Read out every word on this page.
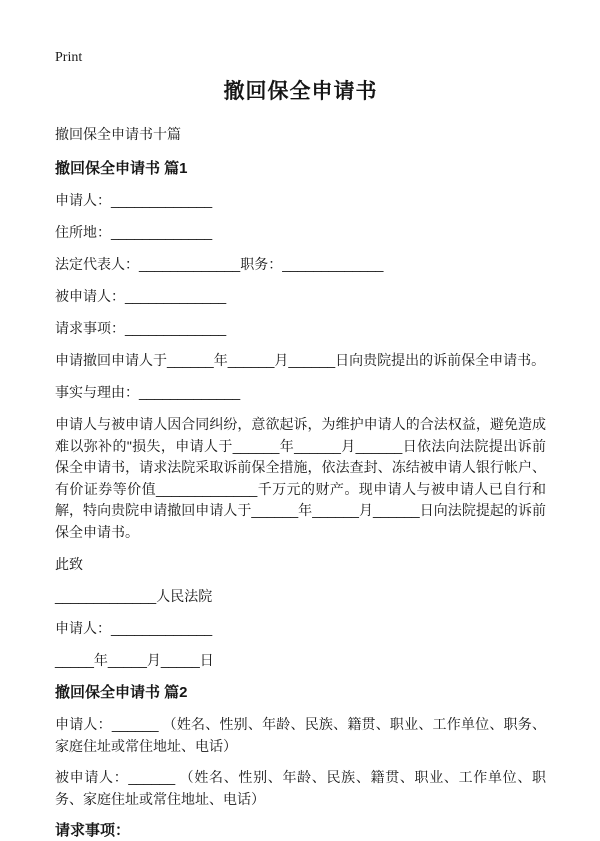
Print
撤回保全申请书
撤回保全申请书十篇
撤回保全申请书 篇1
申请人：_____________
住所地：_____________
法定代表人：_____________职务：_____________
被申请人：_____________
请求事项：_____________
申请撤回申请人于______年______月______日向贵院提出的诉前保全申请书。
事实与理由：_____________

申请人与被申请人因合同纠纷，意欲起诉，为维护申请人的合法权益，避免造成难以弥补的"损失，申请人于______年______月______日依法向法院提出诉前保全申请书，请求法院采取诉前保全措施，依法查封、冻结被申请人银行帐户、有价证券等价值_____________千万元的财产。现申请人与被申请人已自行和解，特向贵院申请撤回申请人于______年______月______日向法院提起的诉前保全申请书。

此致
_____________人民法院
申请人：_____________
_____年_____月_____日
撤回保全申请书 篇2

申请人：______ （姓名、性别、年龄、民族、籍贯、职业、工作单位、职务、家庭住址或常住地址、电话）

被申请人：______ （姓名、性别、年龄、民族、籍贯、职业、工作单位、职务、家庭住址或常住地址、电话）

请求事项：
